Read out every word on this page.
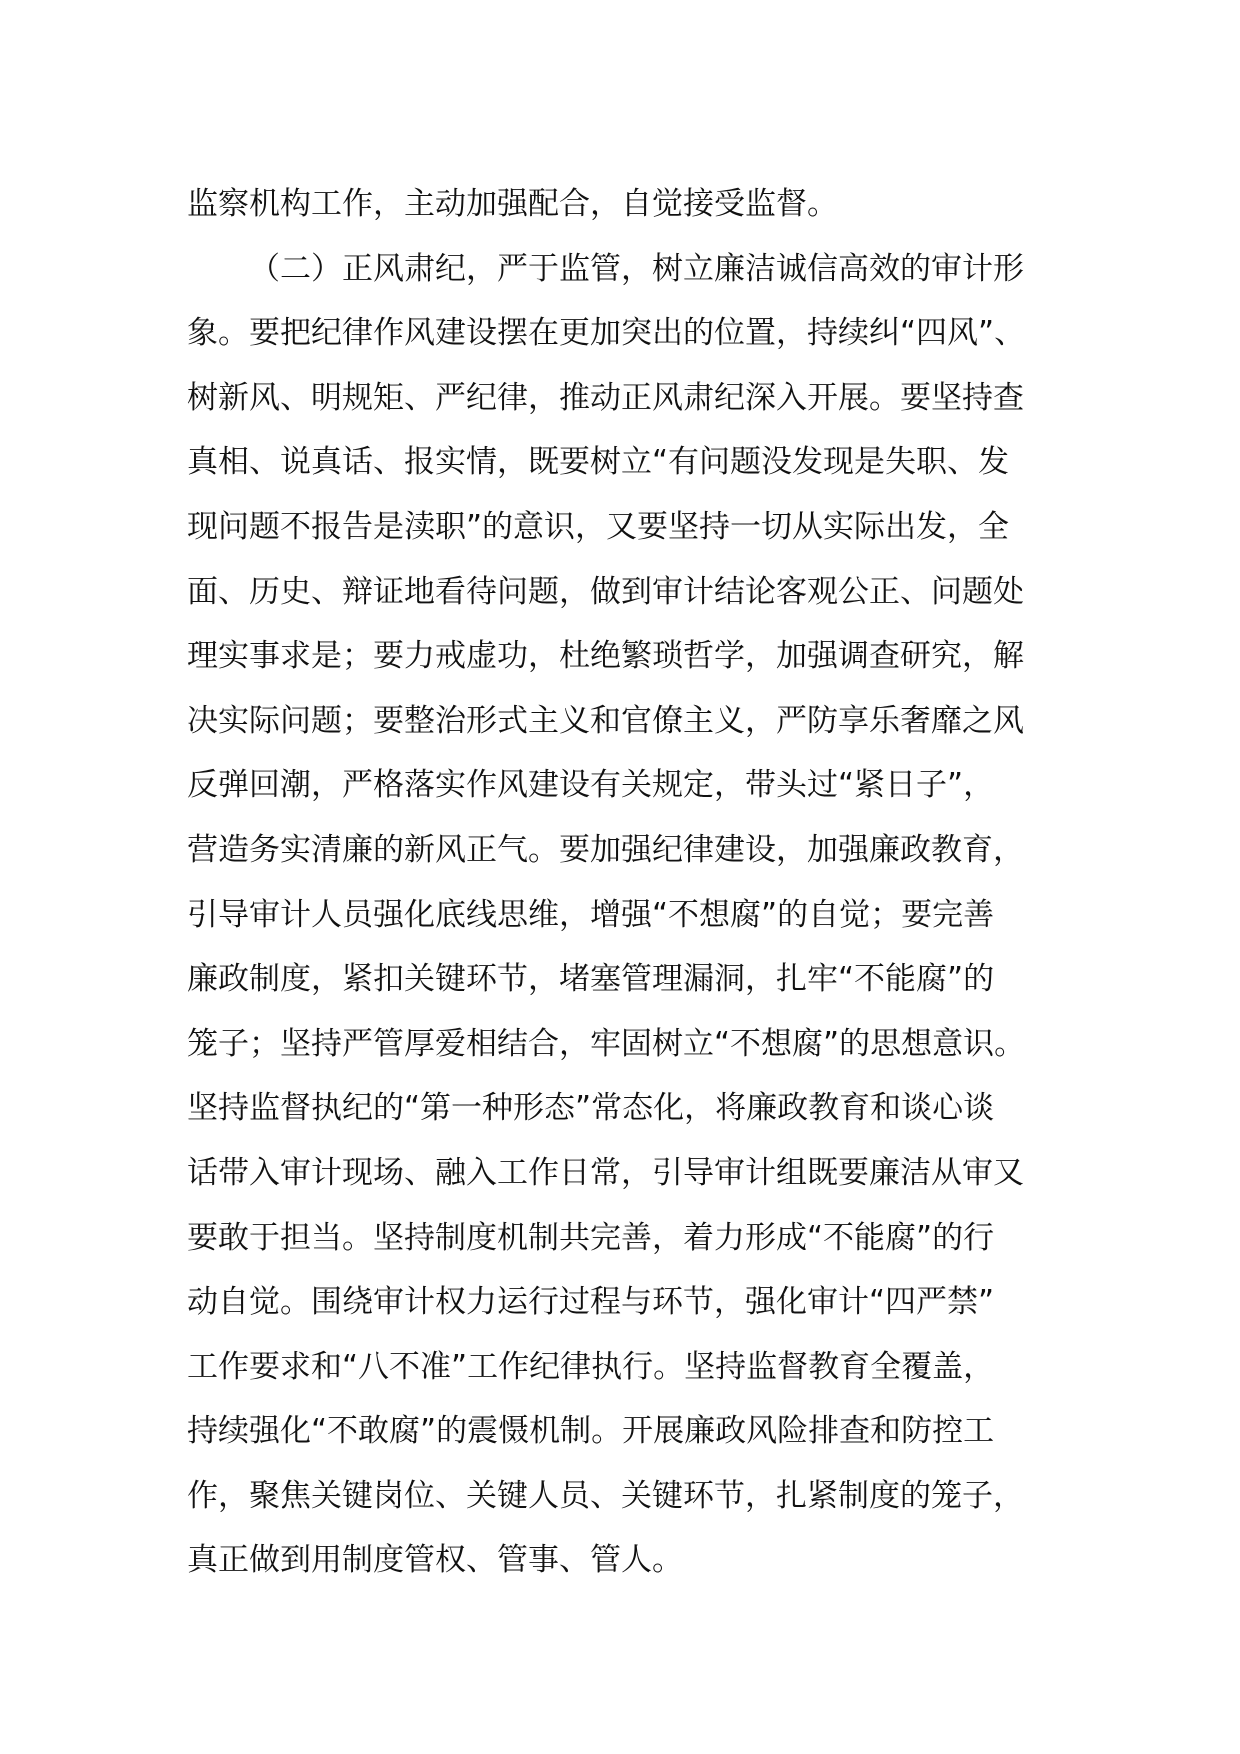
监察机构工作，主动加强配合，自觉接受监督。
（二）正风肃纪，严于监管，树立廉洁诚信高效的审计形
象。要把纪律作风建设摆在更加突出的位置，持续纠“四风”、
树新风、明规矩、严纪律，推动正风肃纪深入开展。要坚持查
真相、说真话、报实情，既要树立“有问题没发现是失职、发
现问题不报告是渎职”的意识，又要坚持一切从实际出发，全
面、历史、辩证地看待问题，做到审计结论客观公正、问题处
理实事求是；要力戒虚功，杜绝繁琐哲学，加强调查研究，解
决实际问题；要整治形式主义和官僚主义，严防享乐奢靡之风
反弹回潮，严格落实作风建设有关规定，带头过“紧日子”，
营造务实清廉的新风正气。要加强纪律建设，加强廉政教育，
引导审计人员强化底线思维，增强“不想腐”的自觉；要完善
廉政制度，紧扣关键环节，堵塞管理漏洞，扎牢“不能腐”的
笼子；坚持严管厚爱相结合，牢固树立“不想腐”的思想意识。
坚持监督执纪的“第一种形态”常态化，将廉政教育和谈心谈
话带入审计现场、融入工作日常，引导审计组既要廉洁从审又
要敢于担当。坚持制度机制共完善，着力形成“不能腐”的行
动自觉。围绕审计权力运行过程与环节，强化审计“四严禁”
工作要求和“八不准”工作纪律执行。坚持监督教育全覆盖，
持续强化“不敢腐”的震慑机制。开展廉政风险排查和防控工
作，聚焦关键岗位、关键人员、关键环节，扎紧制度的笼子，
真正做到用制度管权、管事、管人。
